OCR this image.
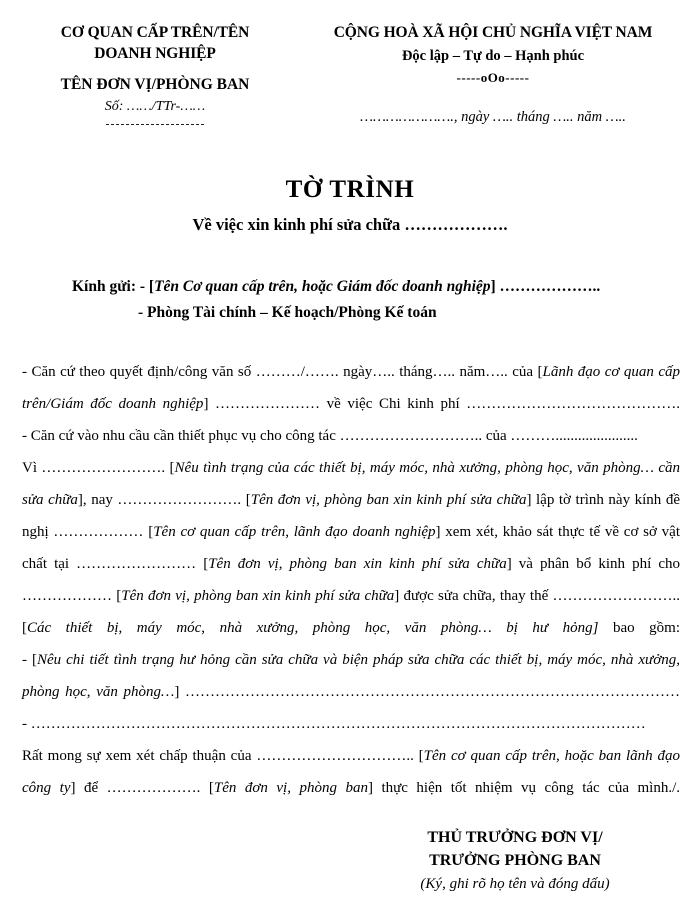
CƠ QUAN CẤP TRÊN/TÊN
DOANH NGHIỆP
TÊN ĐƠN VỊ/PHÒNG BAN
Số: ……/TTr-……
CỘNG HOÀ XÃ HỘI CHỦ NGHĨA VIỆT NAM
Độc lập – Tự do – Hạnh phúc
-----oOo-----
…………………., ngày ….. tháng ….. năm …..
TỜ TRÌNH
Về việc xin kinh phí sửa chữa ……………….
Kính gửi: - [Tên Cơ quan cấp trên, hoặc Giám đốc doanh nghiệp] ………………..
- Phòng Tài chính – Kế hoạch/Phòng Kế toán

- Căn cứ theo quyết định/công văn số ………/……. ngày….. tháng….. năm….. của [Lãnh đạo cơ quan cấp trên/Giám đốc doanh nghiệp] ………………… về việc Chi kinh phí …………………………………….

- Căn cứ vào nhu cầu cần thiết phục vụ cho công tác ……………………….. của ………......................

Vì ……………………. [Nêu tình trạng của các thiết bị, máy móc, nhà xưởng, phòng học, văn phòng… cần sửa chữa], nay ……………………. [Tên đơn vị, phòng ban xin kinh phí sửa chữa] lập tờ trình này kính đề nghị ……………… [Tên cơ quan cấp trên, lãnh đạo doanh nghiệp] xem xét, khảo sát thực tế về cơ sở vật chất tại …………………… [Tên đơn vị, phòng ban xin kinh phí sửa chữa] và phân bổ kinh phí cho ……………… [Tên đơn vị, phòng ban xin kinh phí sửa chữa] được sửa chữa, thay thế …………………….. [Các thiết bị, máy móc, nhà xưởng, phòng học, văn phòng… bị hư hỏng] bao gồm:

- [Nêu chi tiết tình trạng hư hỏng cần sửa chữa và biện pháp sửa chữa các thiết bị, máy móc, nhà xưởng, phòng học, văn phòng…] ………………………………………………………………………………………

- ……………………………………………………………………………………………………………

Rất mong sự xem xét chấp thuận của ………………………….. [Tên cơ quan cấp trên, hoặc ban lãnh đạo công ty] để ………………. [Tên đơn vị, phòng ban] thực hiện tốt nhiệm vụ công tác của mình./.

THỦ TRƯỞNG ĐƠN VỊ/
TRƯỞNG PHÒNG BAN
(Ký, ghi rõ họ tên và đóng dấu)
